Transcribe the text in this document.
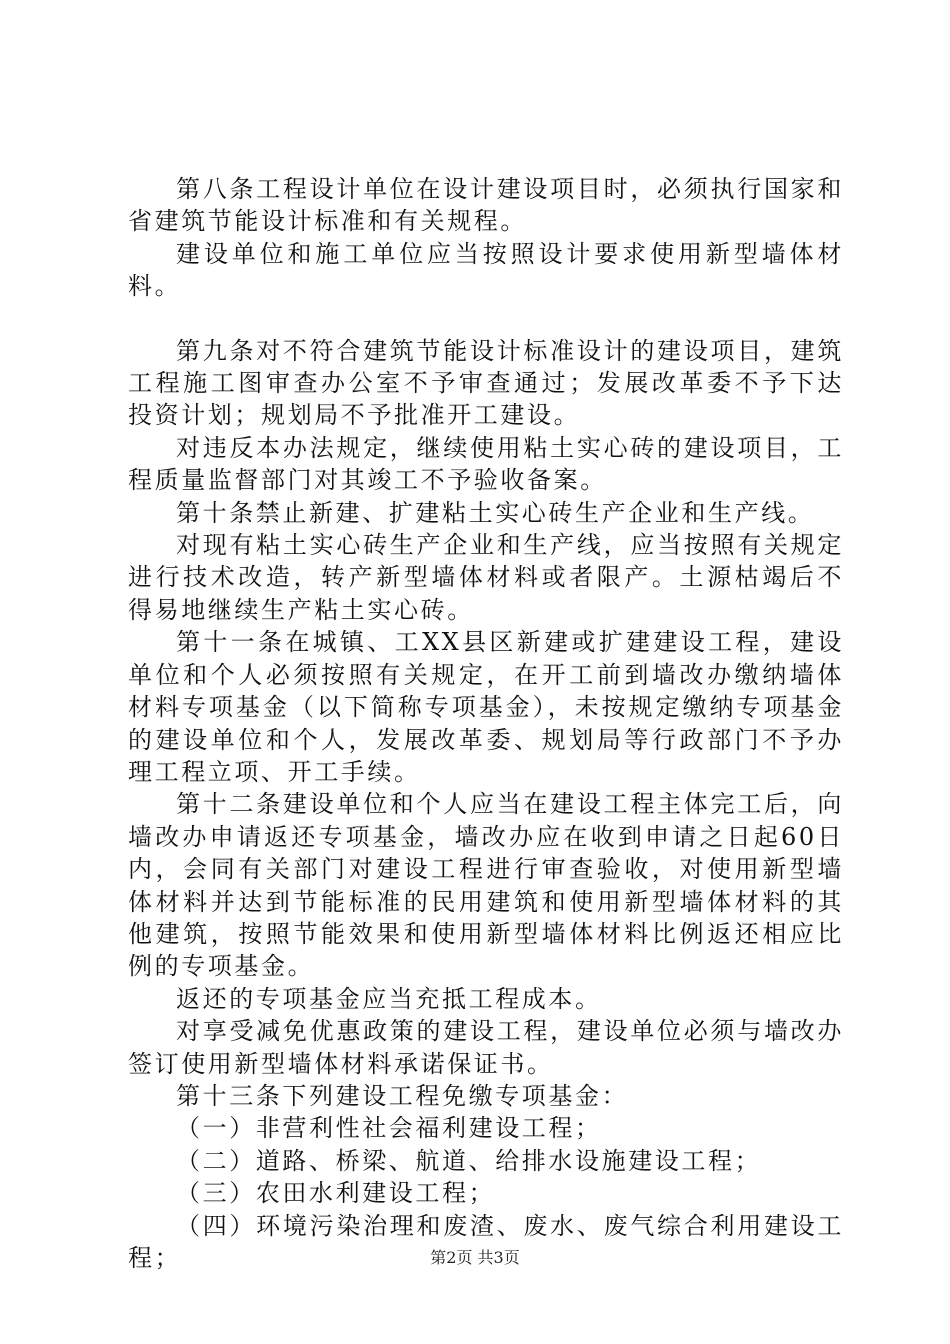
第八条工程设计单位在设计建设项目时，必须执行国家和省建筑节能设计标准和有关规程。

建设单位和施工单位应当按照设计要求使用新型墙体材料。

第九条对不符合建筑节能设计标准设计的建设项目，建筑工程施工图审查办公室不予审查通过；发展改革委不予下达投资计划；规划局不予批准开工建设。

对违反本办法规定，继续使用粘土实心砖的建设项目，工程质量监督部门对其竣工不予验收备案。

第十条禁止新建、扩建粘土实心砖生产企业和生产线。

对现有粘土实心砖生产企业和生产线，应当按照有关规定进行技术改造，转产新型墙体材料或者限产。土源枯竭后不得易地继续生产粘土实心砖。

第十一条在城镇、工XX县区新建或扩建建设工程，建设单位和个人必须按照有关规定，在开工前到墙改办缴纳墙体材料专项基金（以下简称专项基金），未按规定缴纳专项基金的建设单位和个人，发展改革委、规划局等行政部门不予办理工程立项、开工手续。

第十二条建设单位和个人应当在建设工程主体完工后，向墙改办申请返还专项基金，墙改办应在收到申请之日起60日内，会同有关部门对建设工程进行审查验收，对使用新型墙体材料并达到节能标准的民用建筑和使用新型墙体材料的其他建筑，按照节能效果和使用新型墙体材料比例返还相应比例的专项基金。

返还的专项基金应当充抵工程成本。

对享受减免优惠政策的建设工程，建设单位必须与墙改办签订使用新型墙体材料承诺保证书。

第十三条下列建设工程免缴专项基金：

（一）非营利性社会福利建设工程；

（二）道路、桥梁、航道、给排水设施建设工程；

（三）农田水利建设工程；

（四）环境污染治理和废渣、废水、废气综合利用建设工程；	第2页 共3页
